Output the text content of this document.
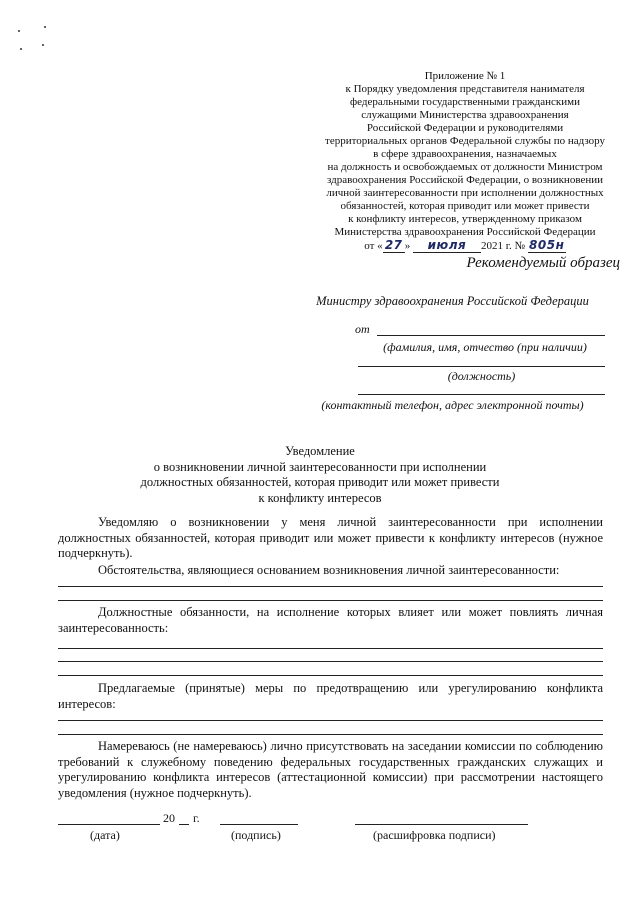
Приложение № 1
к Порядку уведомления представителя нанимателя
федеральными государственными гражданскими
служащими Министерства здравоохранения
Российской Федерации и руководителями
территориальных органов Федеральной службы по надзору
в сфере здравоохранения, назначаемых
на должность и освобождаемых от должности Министром
здравоохранения Российской Федерации, о возникновении
личной заинтересованности при исполнении должностных
обязанностей, которая приводит или может привести
к конфликту интересов, утвержденному приказом
Министерства здравоохранения Российской Федерации
от « 27 » июля 2021 г. № 805н
Рекомендуемый образец
Министру здравоохранения Российской Федерации
от
(фамилия, имя, отчество (при наличии)
(должность)
(контактный телефон, адрес электронной почты)
Уведомление
о возникновении личной заинтересованности при исполнении
должностных обязанностей, которая приводит или может привести
к конфликту интересов
Уведомляю о возникновении у меня личной заинтересованности при исполнении должностных обязанностей, которая приводит или может привести к конфликту интересов (нужное подчеркнуть).
Обстоятельства, являющиеся основанием возникновения личной заинтересованности:
Должностные обязанности, на исполнение которых влияет или может повлиять личная заинтересованность:
Предлагаемые (принятые) меры по предотвращению или урегулированию конфликта интересов:
Намереваюсь (не намереваюсь) лично присутствовать на заседании комиссии по соблюдению требований к служебному поведению федеральных государственных гражданских служащих и урегулированию конфликта интересов (аттестационной комиссии) при рассмотрении настоящего уведомления (нужное подчеркнуть).
20 г.
(дата)	(подпись)	(расшифровка подписи)
